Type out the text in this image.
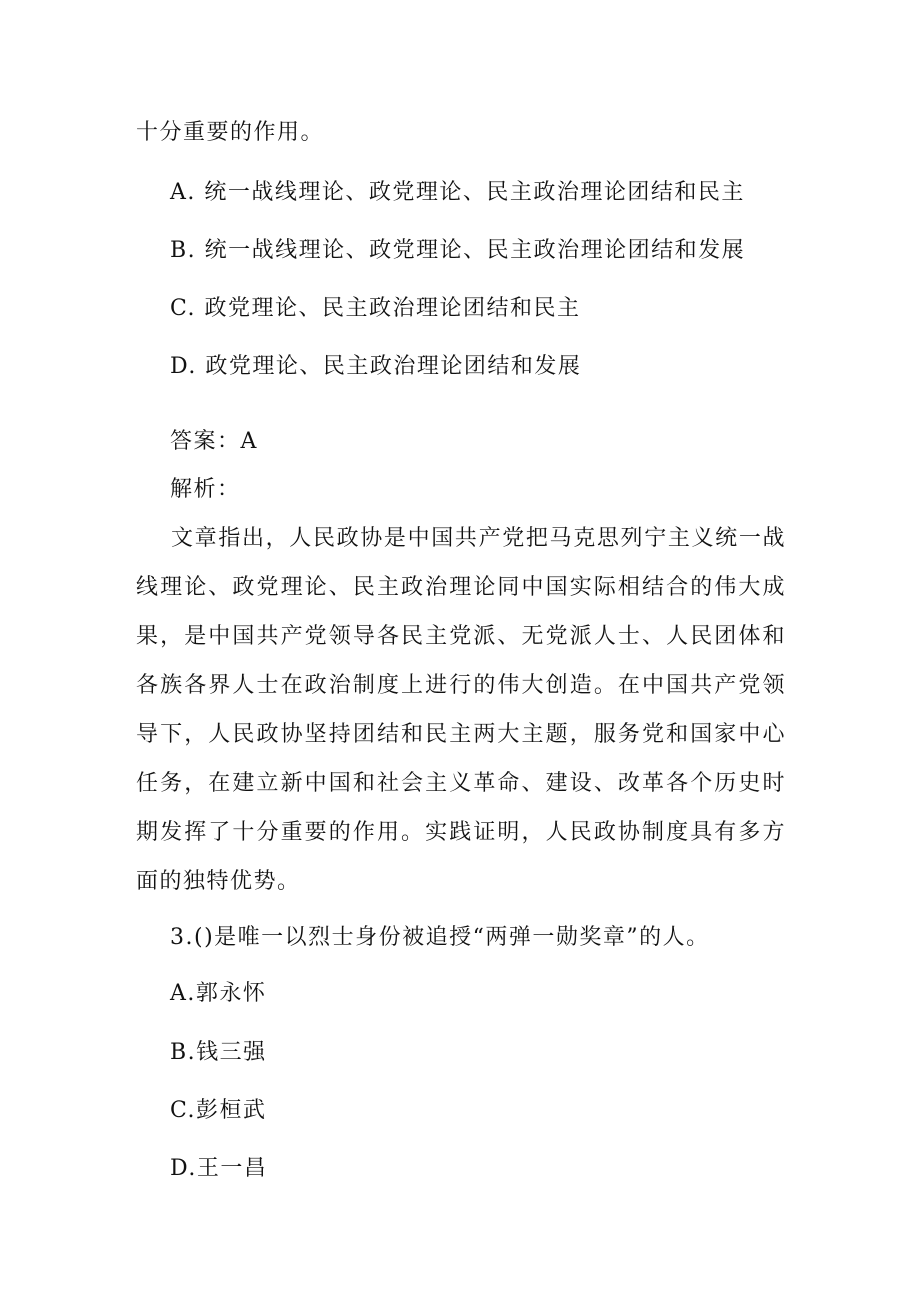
十分重要的作用。
A. 统一战线理论、政党理论、民主政治理论团结和民主
B. 统一战线理论、政党理论、民主政治理论团结和发展
C. 政党理论、民主政治理论团结和民主
D. 政党理论、民主政治理论团结和发展
答案：A
解析：
文章指出，人民政协是中国共产党把马克思列宁主义统一战线理论、政党理论、民主政治理论同中国实际相结合的伟大成果，是中国共产党领导各民主党派、无党派人士、人民团体和各族各界人士在政治制度上进行的伟大创造。在中国共产党领导下，人民政协坚持团结和民主两大主题，服务党和国家中心任务，在建立新中国和社会主义革命、建设、改革各个历史时期发挥了十分重要的作用。实践证明，人民政协制度具有多方面的独特优势。
3.()是唯一以烈士身份被追授“两弹一勋奖章”的人。
A.郭永怀
B.钱三强
C.彭桓武
D.王一昌
